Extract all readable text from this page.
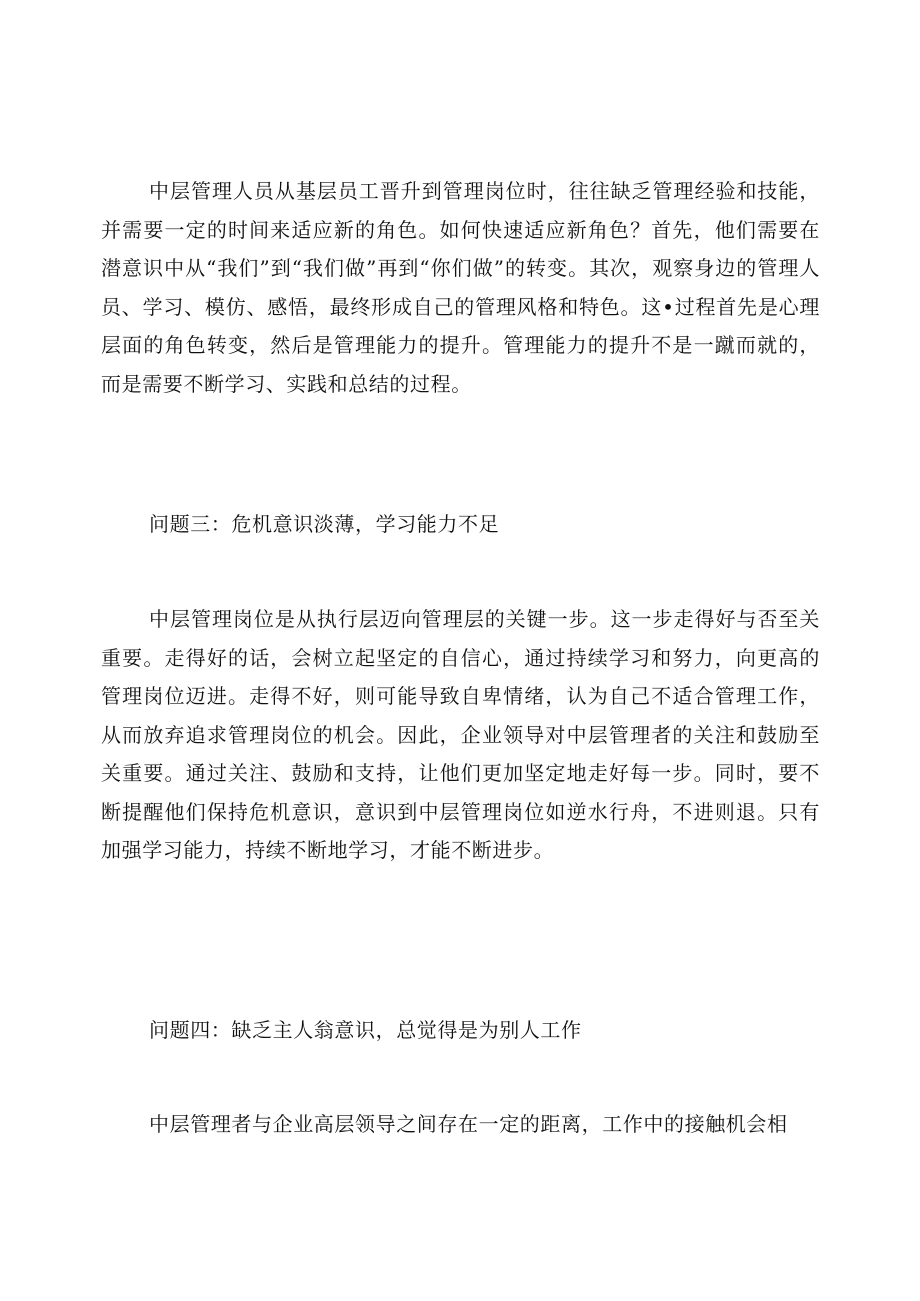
中层管理人员从基层员工晋升到管理岗位时，往往缺乏管理经验和技能，并需要一定的时间来适应新的角色。如何快速适应新角色？首先，他们需要在潜意识中从“我们”到“我们做”再到“你们做”的转变。其次，观察身边的管理人员、学习、模仿、感悟，最终形成自己的管理风格和特色。这•过程首先是心理层面的角色转变，然后是管理能力的提升。管理能力的提升不是一蹴而就的，而是需要不断学习、实践和总结的过程。

问题三：危机意识淡薄，学习能力不足

中层管理岗位是从执行层迈向管理层的关键一步。这一步走得好与否至关重要。走得好的话，会树立起坚定的自信心，通过持续学习和努力，向更高的管理岗位迈进。走得不好，则可能导致自卑情绪，认为自己不适合管理工作，从而放弃追求管理岗位的机会。因此，企业领导对中层管理者的关注和鼓励至关重要。通过关注、鼓励和支持，让他们更加坚定地走好每一步。同时，要不断提醒他们保持危机意识，意识到中层管理岗位如逆水行舟，不进则退。只有加强学习能力，持续不断地学习，才能不断进步。

问题四：缺乏主人翁意识，总觉得是为别人工作

中层管理者与企业高层领导之间存在一定的距离，工作中的接触机会相
